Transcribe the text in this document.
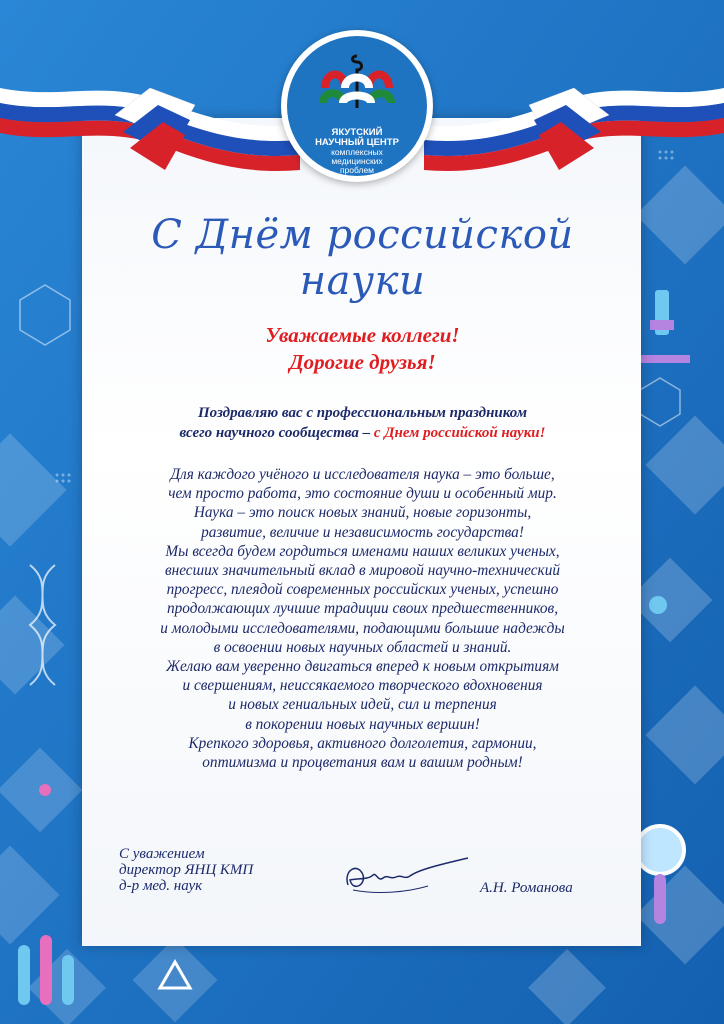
ЯКУТСКИЙ
НАУЧНЫЙ ЦЕНТР
комплексных
медицинских
проблем
С Днём российской науки
Уважаемые коллеги!
Дорогие друзья!
Поздравляю вас с профессиональным праздником
всего научного сообщества – с Днем российской науки!
Для каждого учёного и исследователя наука – это больше,
чем просто работа, это состояние души и особенный мир.
Наука – это поиск новых знаний, новые горизонты,
развитие, величие и независимость государства!
Мы всегда будем гордиться именами наших великих ученых,
внесших значительный вклад в мировой научно-технический
прогресс, плеядой современных российских ученых, успешно
продолжающих лучшие традиции своих предшественников,
и молодыми исследователями, подающими большие надежды
в освоении новых научных областей и знаний.
Желаю вам уверенно двигаться вперед к новым открытиям
и свершениям, неиссякаемого творческого вдохновения
и новых гениальных идей, сил и терпения
в покорении новых научных вершин!
Крепкого здоровья, активного долголетия, гармонии,
оптимизма и процветания вам и вашим родным!
С уважением
директор ЯНЦ КМП
д-р мед. наук	А.Н. Романова
